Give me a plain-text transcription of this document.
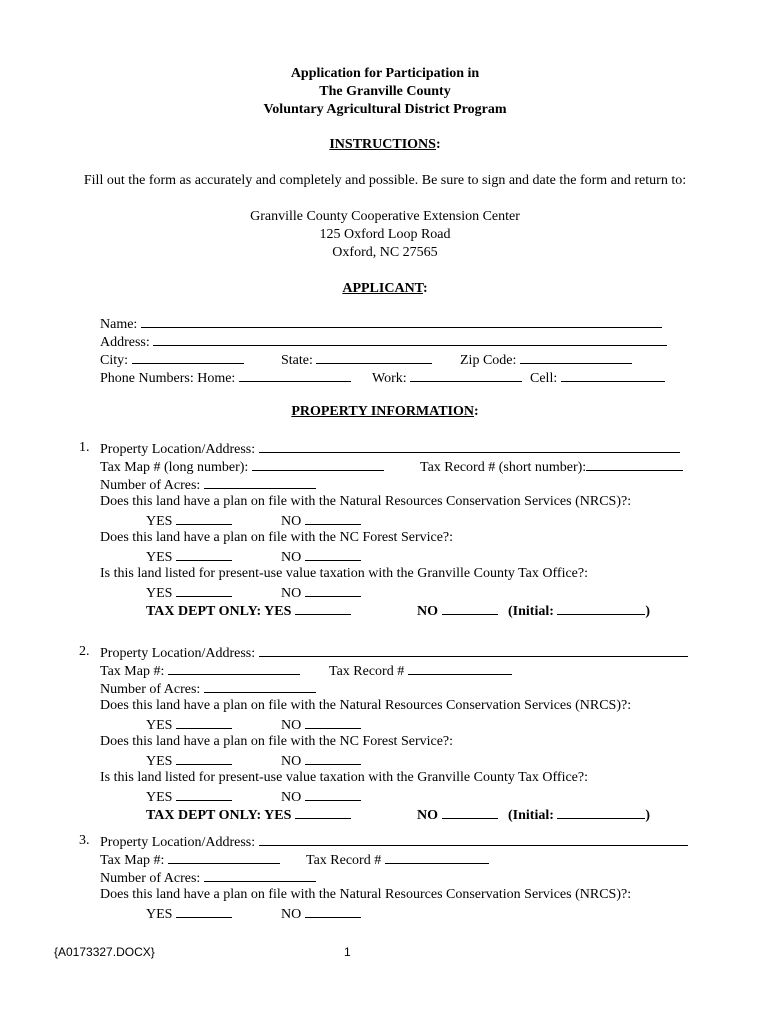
Application for Participation in
The Granville County
Voluntary Agricultural District Program
INSTRUCTIONS:
Fill out the form as accurately and completely and possible. Be sure to sign and date the form and return to:
Granville County Cooperative Extension Center
125 Oxford Loop Road
Oxford, NC 27565
APPLICANT:
Name:
Address:
City:	State:	Zip Code:
Phone Numbers: Home:	Work:	Cell:
PROPERTY INFORMATION:
1. Property Location/Address:
Tax Map # (long number):	Tax Record # (short number):
Number of Acres:
Does this land have a plan on file with the Natural Resources Conservation Services (NRCS)?:
YES	NO
Does this land have a plan on file with the NC Forest Service?:
YES	NO
Is this land listed for present-use value taxation with the Granville County Tax Office?:
YES	NO
TAX DEPT ONLY: YES	NO	(Initial:	)
2. Property Location/Address:
Tax Map #:	Tax Record #
Number of Acres:
Does this land have a plan on file with the Natural Resources Conservation Services (NRCS)?:
YES	NO
Does this land have a plan on file with the NC Forest Service?:
YES	NO
Is this land listed for present-use value taxation with the Granville County Tax Office?:
YES	NO
TAX DEPT ONLY: YES	NO	(Initial:	)
3. Property Location/Address:
Tax Map #:	Tax Record #
Number of Acres:
Does this land have a plan on file with the Natural Resources Conservation Services (NRCS)?:
YES	NO
{A0173327.DOCX}	1
